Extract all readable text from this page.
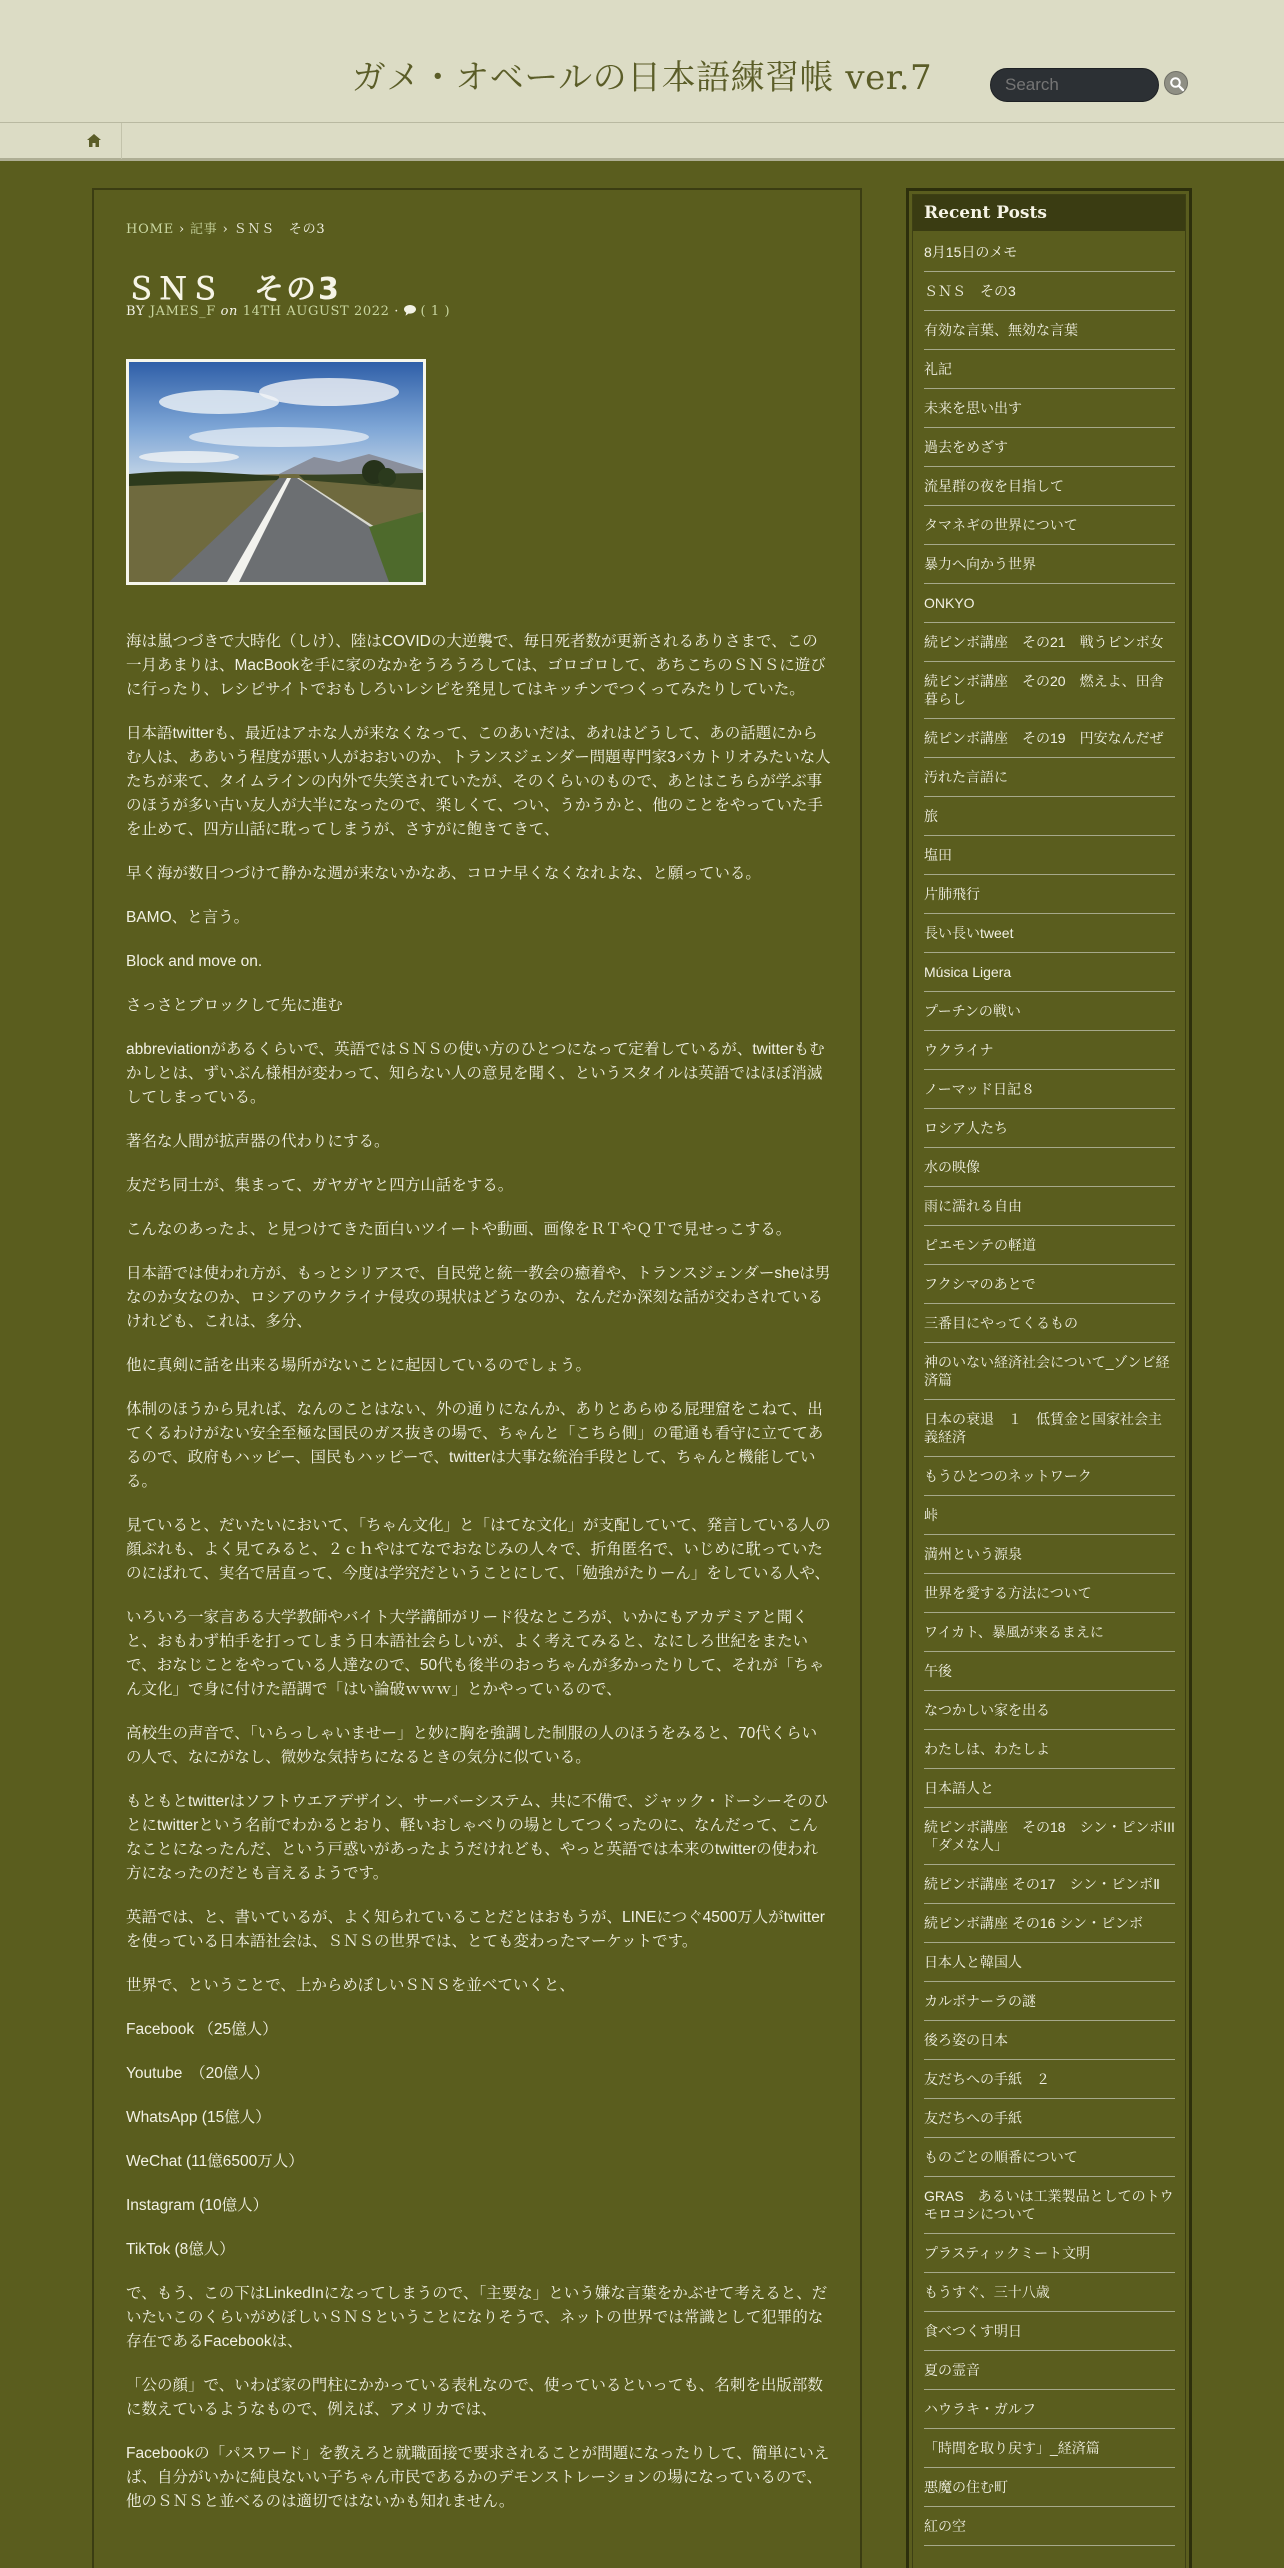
ガメ・オベールの日本語練習帳 ver.7
Search
HOME › 記事 › ＳＮＳ　その3
ＳＮＳ　その3
BY JAMES_F on 14TH AUGUST 2022 · ( 1 )

海は嵐つづきで大時化（しけ）、陸はCOVIDの大逆襲で、毎日死者数が更新されるありさまで、この一月あまりは、MacBookを手に家のなかをうろうろしては、ゴロゴロして、あちこちのＳＮＳに遊びに行ったり、レシピサイトでおもしろいレシピを発見してはキッチンでつくってみたりしていた。

日本語twitterも、最近はアホな人が来なくなって、このあいだは、あれはどうして、あの話題にからむ人は、ああいう程度が悪い人がおおいのか、トランスジェンダー問題専門家3バカトリオみたいな人たちが来て、タイムラインの内外で失笑されていたが、そのくらいのもので、あとはこちらが学ぶ事のほうが多い古い友人が大半になったので、楽しくて、つい、うかうかと、他のことをやっていた手を止めて、四方山話に耽ってしまうが、さすがに飽きてきて、

早く海が数日つづけて静かな週が来ないかなあ、コロナ早くなくなれよな、と願っている。

BAMO、と言う。

Block and move on.

さっさとブロックして先に進む

abbreviationがあるくらいで、英語ではＳＮＳの使い方のひとつになって定着しているが、twitterもむかしとは、ずいぶん様相が変わって、知らない人の意見を聞く、というスタイルは英語ではほぼ消滅してしまっている。

著名な人間が拡声器の代わりにする。

友だち同士が、集まって、ガヤガヤと四方山話をする。

こんなのあったよ、と見つけてきた面白いツイートや動画、画像をＲＴやＱＴで見せっこする。

日本語では使われ方が、もっとシリアスで、自民党と統一教会の癒着や、トランスジェンダーsheは男なのか女なのか、ロシアのウクライナ侵攻の現状はどうなのか、なんだか深刻な話が交わされているけれども、これは、多分、

他に真剣に話を出来る場所がないことに起因しているのでしょう。

体制のほうから見れば、なんのことはない、外の通りになんか、ありとあらゆる屁理窟をこねて、出てくるわけがない安全至極な国民のガス抜きの場で、ちゃんと「こちら側」の電通も看守に立ててあるので、政府もハッピー、国民もハッピーで、twitterは大事な統治手段として、ちゃんと機能している。

見ていると、だいたいにおいて、「ちゃん文化」と「はてな文化」が支配していて、発言している人の顔ぶれも、よく見てみると、２ｃｈやはてなでおなじみの人々で、折角匿名で、いじめに耽っていたのにばれて、実名で居直って、今度は学究だということにして、「勉強がたりーん」をしている人や、

いろいろ一家言ある大学教師やバイト大学講師がリード役なところが、いかにもアカデミアと聞くと、おもわず柏手を打ってしまう日本語社会らしいが、よく考えてみると、なにしろ世紀をまたいで、おなじことをやっている人達なので、50代も後半のおっちゃんが多かったりして、それが「ちゃん文化」で身に付けた語調で「はい論破ｗｗｗ」とかやっているので、

高校生の声音で、「いらっしゃいませー」と妙に胸を強調した制服の人のほうをみると、70代くらいの人で、なにがなし、微妙な気持ちになるときの気分に似ている。

もともとtwitterはソフトウエアデザイン、サーバーシステム、共に不備で、ジャック・ドーシーそのひとにtwitterという名前でわかるとおり、軽いおしゃべりの場としてつくったのに、なんだって、こんなことになったんだ、という戸惑いがあったようだけれども、やっと英語では本来のtwitterの使われ方になったのだとも言えるようです。

英語では、と、書いているが、よく知られていることだとはおもうが、LINEにつぐ4500万人がtwitterを使っている日本語社会は、ＳＮＳの世界では、とても変わったマーケットです。

世界で、ということで、上からめぼしいＳＮＳを並べていくと、

Facebook （25億人）

Youtube　（20億人）

WhatsApp (15億人）

WeChat (11億6500万人）

Instagram (10億人）

TikTok (8億人）

で、もう、この下はLinkedInになってしまうので、「主要な」という嫌な言葉をかぶせて考えると、だいたいこのくらいがめぼしいＳＮＳということになりそうで、ネットの世界では常識として犯罪的な存在であるFacebookは、

「公の顔」で、いわば家の門柱にかかっている表札なので、使っているといっても、名刺を出版部数に数えているようなもので、例えば、アメリカでは、

Facebookの「パスワード」を教えろと就職面接で要求されることが問題になったりして、簡単にいえば、自分がいかに純良ないい子ちゃん市民であるかのデモンストレーションの場になっているので、他のＳＮＳと並べるのは適切ではないかも知れません。

Recent Posts
8月15日のメモ
ＳＮＳ　その3
有効な言葉、無効な言葉
礼記
未来を思い出す
過去をめざす
流星群の夜を目指して
タマネギの世界について
暴力へ向かう世界
ONKYO
続ピンボ講座　その21　戦うピンボ女
続ピンボ講座　その20　燃えよ、田舎暮らし
続ピンボ講座　その19　円安なんだぜ
汚れた言語に
旅
塩田
片肺飛行
長い長いtweet
Música Ligera
プーチンの戦い
ウクライナ
ノーマッド日記８
ロシア人たち
水の映像
雨に濡れる自由
ピエモンテの軽道
フクシマのあとで
三番目にやってくるもの
神のいない経済社会について_ゾンビ経済篇
日本の衰退　１　低賃金と国家社会主義経済
もうひとつのネットワーク
峠
満州という源泉
世界を愛する方法について
ワイカト、暴風が来るまえに
午後
なつかしい家を出る
わたしは、わたしよ
日本語人と
続ピンボ講座　その18　シン・ピンボIII 「ダメな人」
続ピンボ講座 その17　シン・ピンボⅡ
続ピンボ講座 その16 シン・ピンボ
日本人と韓国人
カルボナーラの謎
後ろ姿の日本
友だちへの手紙　２
友だちへの手紙
ものごとの順番について
GRAS　あるいは工業製品としてのトウモロコシについて
プラスティックミート文明
もうすぐ、三十八歳
食べつくす明日
夏の霊音
ハウラキ・ガルフ
「時間を取り戻す」_経済篇
悪魔の住む町
紅の空
